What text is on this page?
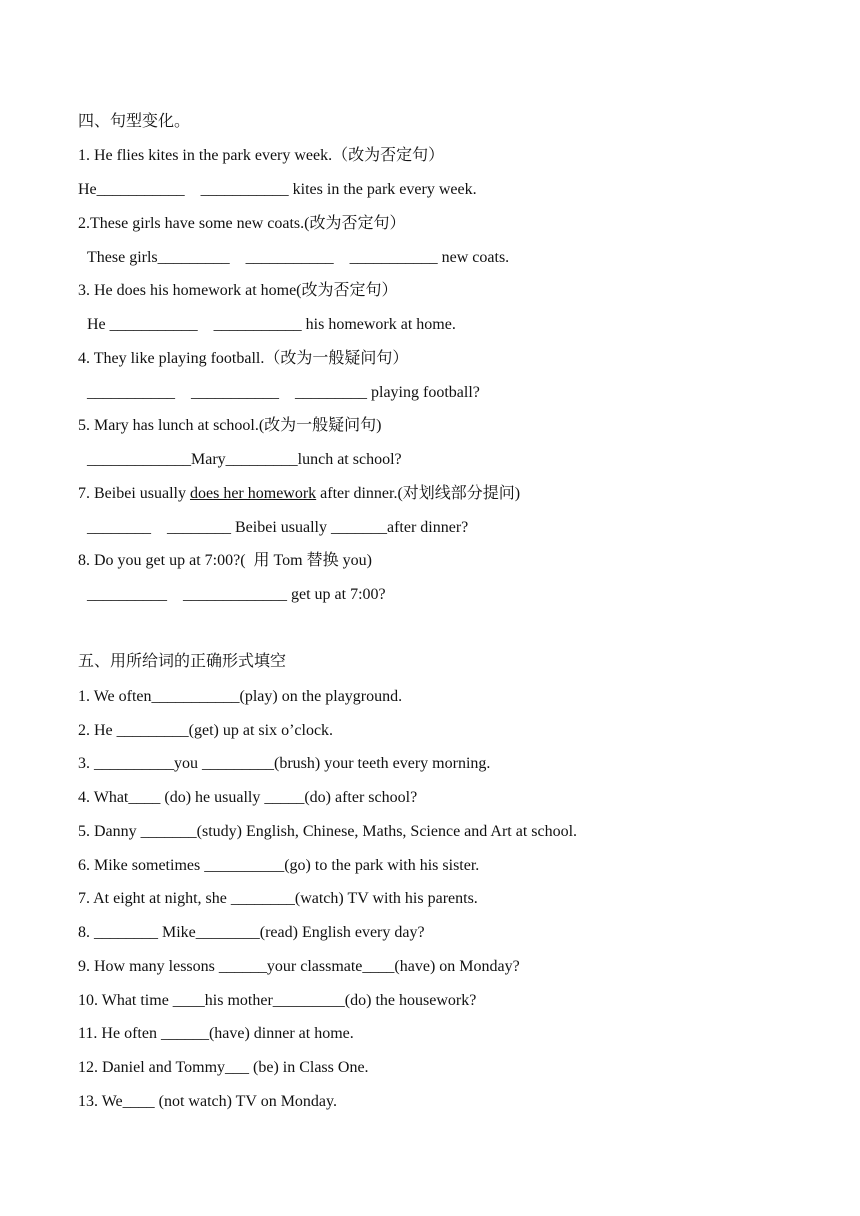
四、句型变化。
1. He flies kites in the park every week.（改为否定句）
He___________    ___________ kites in the park every week.
2.These girls have some new coats.(改为否定句）
These girls_________    ___________    ___________ new coats.
3. He does his homework at home(改为否定句）
He ___________    ___________ his homework at home.
4. They like playing football.（改为一般疑问句）
___________    ___________    _________ playing football?
5. Mary has lunch at school.(改为一般疑问句)
_____________Mary_________lunch at school?
7. Beibei usually does her homework after dinner.(对划线部分提问)
________    ________ Beibei usually _______after dinner?
8. Do you get up at 7:00?(  用 Tom 替换 you)
__________    _____________ get up at 7:00?
五、用所给词的正确形式填空
1. We often___________(play) on the playground.
2. He _________(get) up at six o’clock.
3. __________you _________(brush) your teeth every morning.
4. What____ (do) he usually _____(do) after school?
5. Danny _______(study) English, Chinese, Maths, Science and Art at school.
6. Mike sometimes __________(go) to the park with his sister.
7. At eight at night, she ________(watch) TV with his parents.
8. ________ Mike________(read) English every day?
9. How many lessons ______your classmate____(have) on Monday?
10. What time ____his mother_________(do) the housework?
11. He often ______(have) dinner at home.
12. Daniel and Tommy___ (be) in Class One.
13. We____ (not watch) TV on Monday.
